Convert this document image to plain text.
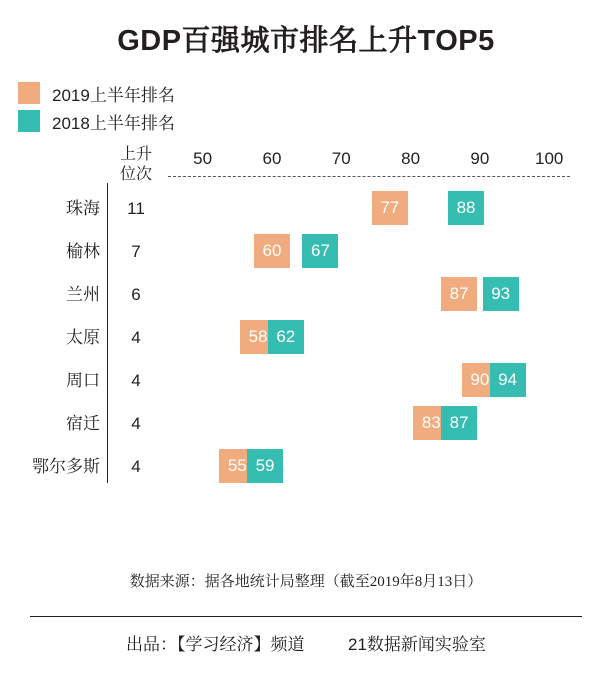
GDP百强城市排名上升TOP5
2019上半年排名
2018上半年排名
上升
位次
50	60	70	80	90	100
珠海	11	77	88
榆林	7	60	67
兰州	6	87	93
太原	4	58 62
周口	4	90 94
宿迁	4	83 87
鄂尔多斯	4	55 59
数据来源：据各地统计局整理（截至2019年8月13日）
出品：【学习经济】频道	21数据新闻实验室
